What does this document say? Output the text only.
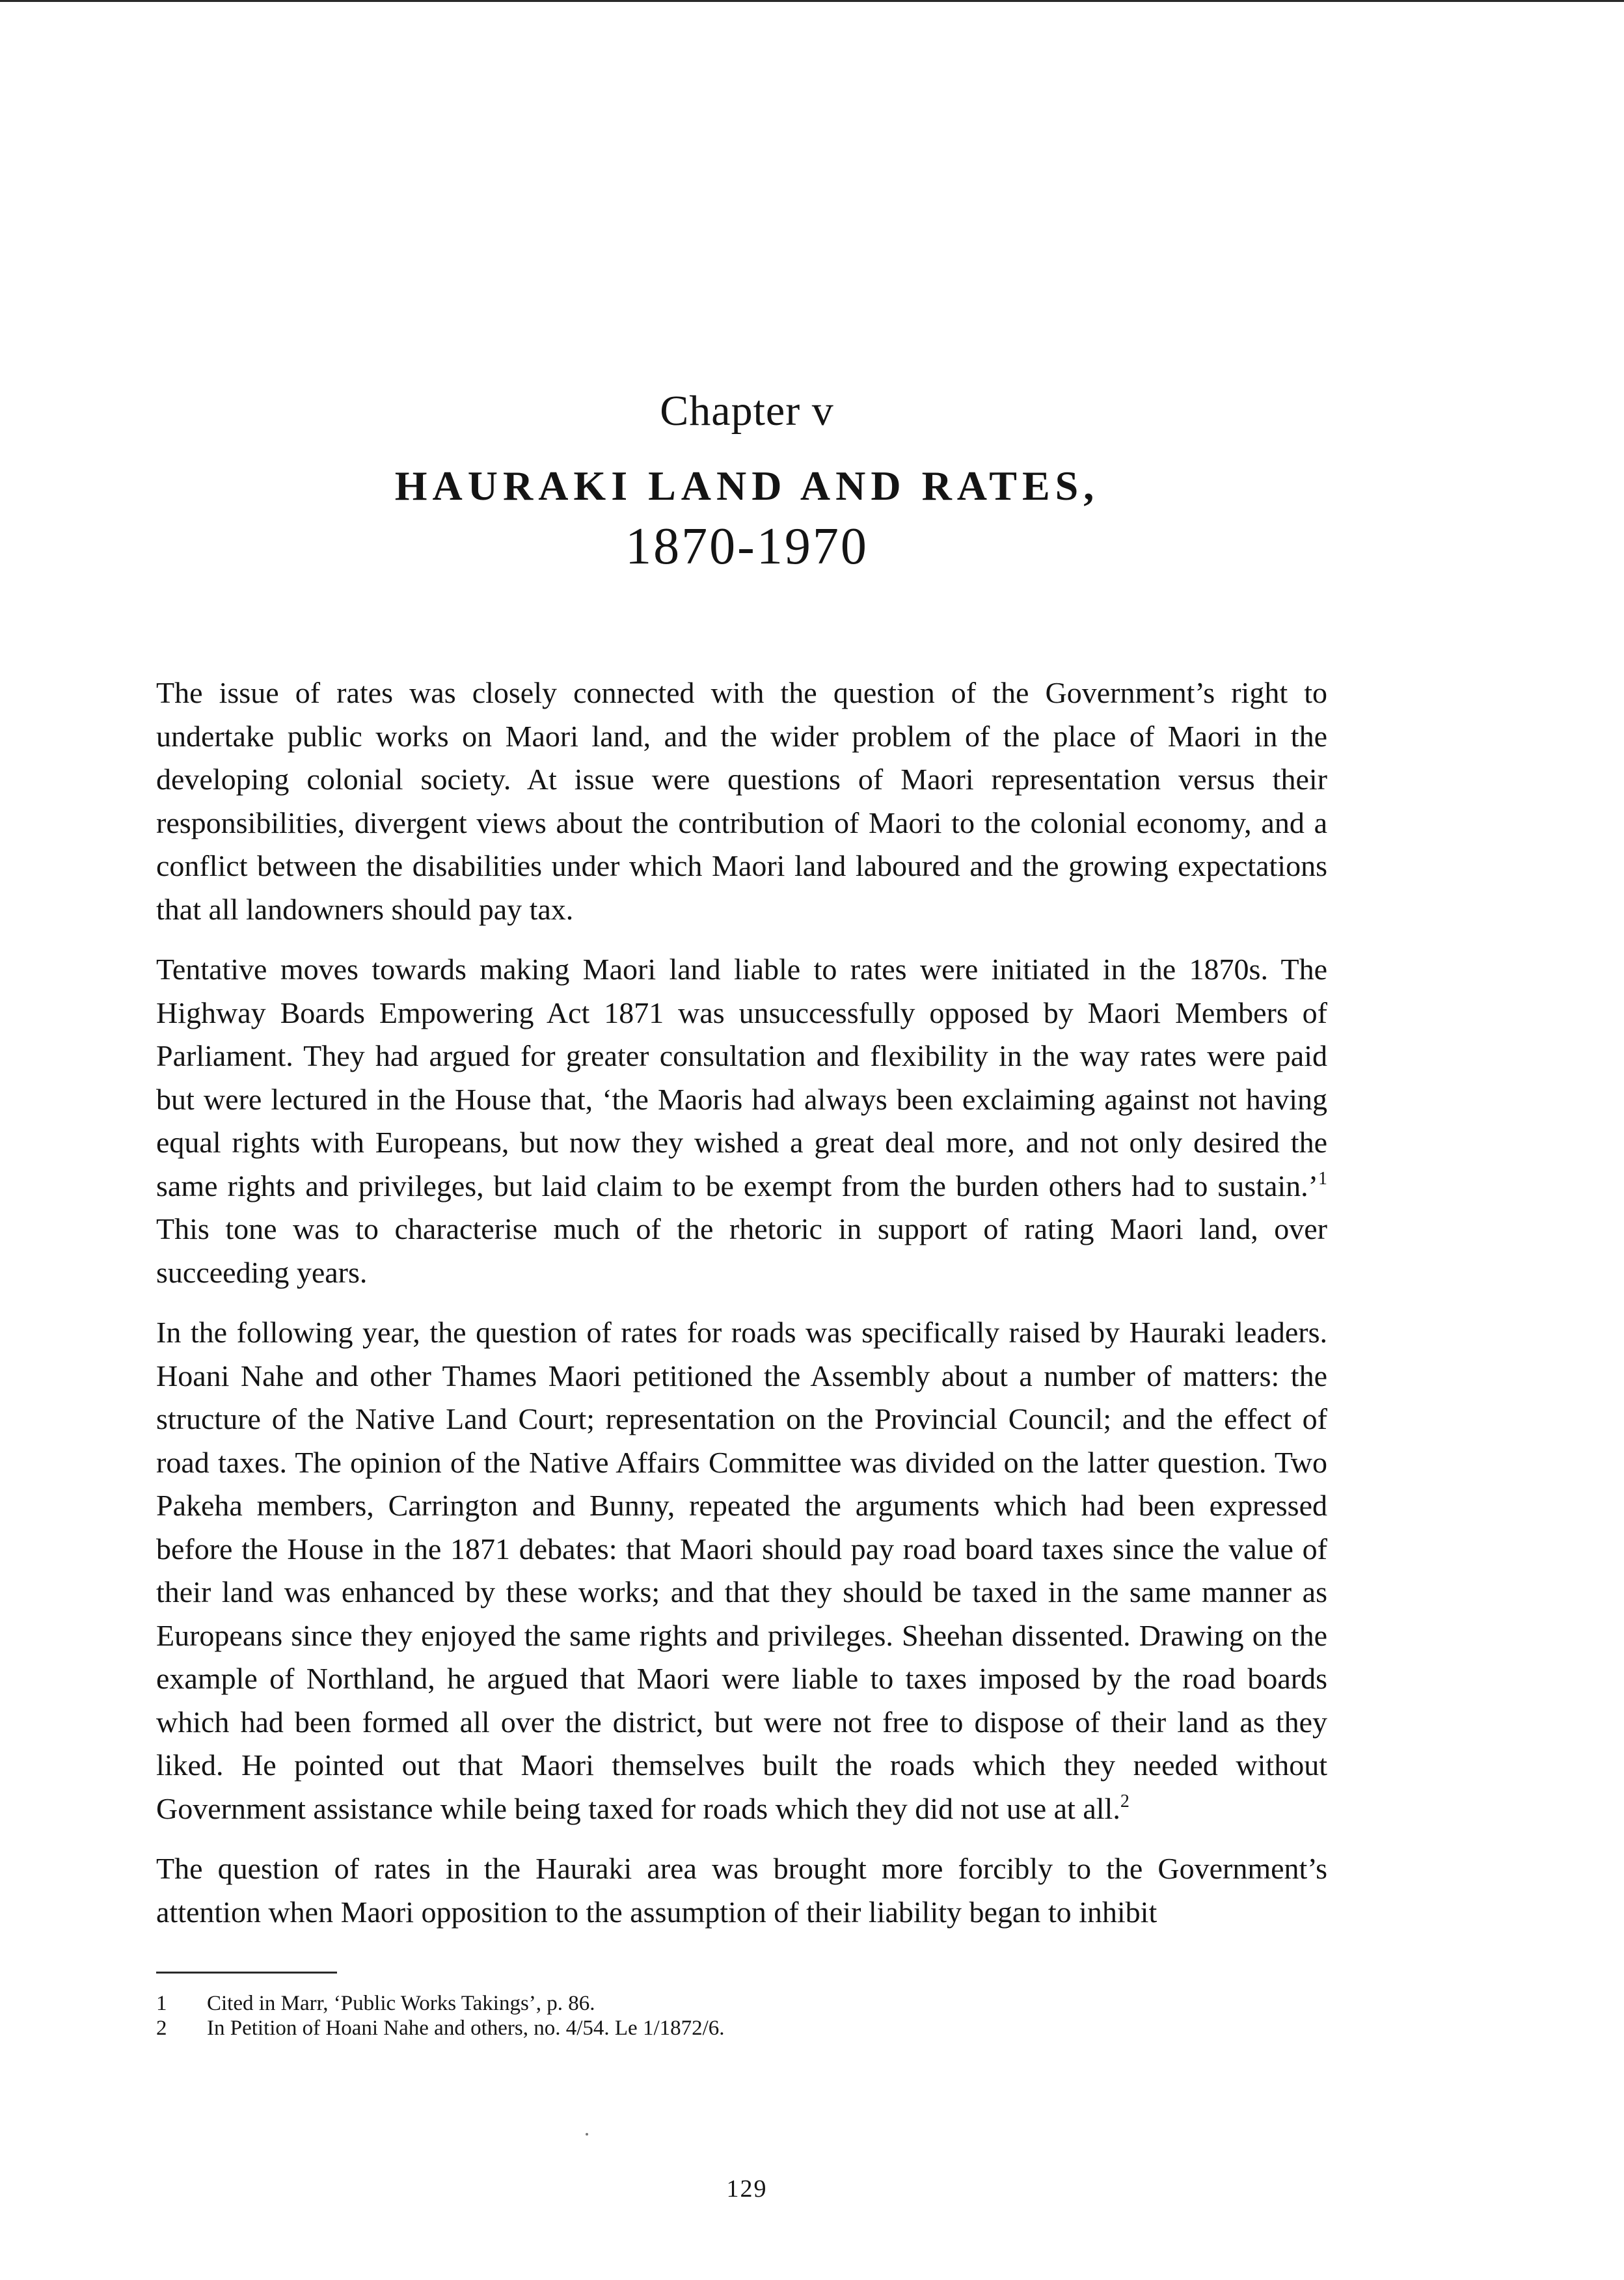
Chapter v
HAURAKI LAND AND RATES,
1870-1970

The issue of rates was closely connected with the question of the Government’s right to undertake public works on Maori land, and the wider problem of the place of Maori in the developing colonial society. At issue were questions of Maori representation versus their responsibilities, divergent views about the contribution of Maori to the colonial economy, and a conflict between the disabilities under which Maori land laboured and the growing expectations that all landowners should pay tax.

Tentative moves towards making Maori land liable to rates were initiated in the 1870s. The Highway Boards Empowering Act 1871 was unsuccessfully opposed by Maori Members of Parliament. They had argued for greater consultation and flexibility in the way rates were paid but were lectured in the House that, ‘the Maoris had always been exclaiming against not having equal rights with Europeans, but now they wished a great deal more, and not only desired the same rights and privileges, but laid claim to be exempt from the burden others had to sustain.’$^1$ This tone was to characterise much of the rhetoric in support of rating Maori land, over succeeding years.

In the following year, the question of rates for roads was specifically raised by Hauraki leaders. Hoani Nahe and other Thames Maori petitioned the Assembly about a number of matters: the structure of the Native Land Court; representation on the Provincial Council; and the effect of road taxes. The opinion of the Native Affairs Committee was divided on the latter question. Two Pakeha members, Carrington and Bunny, repeated the arguments which had been expressed before the House in the 1871 debates: that Maori should pay road board taxes since the value of their land was enhanced by these works; and that they should be taxed in the same manner as Europeans since they enjoyed the same rights and privileges. Sheehan dissented. Drawing on the example of Northland, he argued that Maori were liable to taxes imposed by the road boards which had been formed all over the district, but were not free to dispose of their land as they liked. He pointed out that Maori themselves built the roads which they needed without Government assistance while being taxed for roads which they did not use at all.$^2$

The question of rates in the Hauraki area was brought more forcibly to the Government’s attention when Maori opposition to the assumption of their liability began to inhibit

1	Cited in Marr, ‘Public Works Takings’, p. 86.
2	In Petition of Hoani Nahe and others, no. 4/54. Le 1/1872/6.
129
